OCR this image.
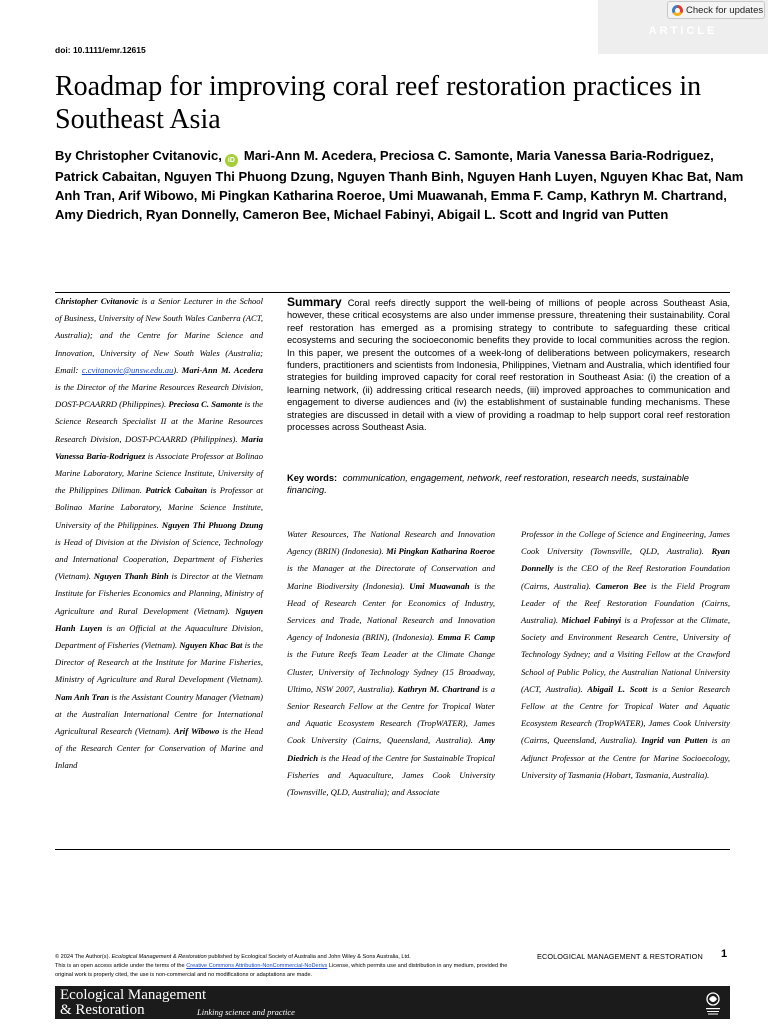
ARTICLE
Check for updates
doi: 10.1111/emr.12615
Roadmap for improving coral reef restoration practices in Southeast Asia
By Christopher Cvitanovic, iD Mari-Ann M. Acedera, Preciosa C. Samonte, Maria Vanessa Baria-Rodriguez, Patrick Cabaitan, Nguyen Thi Phuong Dzung, Nguyen Thanh Binh, Nguyen Hanh Luyen, Nguyen Khac Bat, Nam Anh Tran, Arif Wibowo, Mi Pingkan Katharina Roeroe, Umi Muawanah, Emma F. Camp, Kathryn M. Chartrand, Amy Diedrich, Ryan Donnelly, Cameron Bee, Michael Fabinyi, Abigail L. Scott and Ingrid van Putten
Christopher Cvitanovic is a Senior Lecturer in the School of Business, University of New South Wales Canberra (ACT, Australia); and the Centre for Marine Science and Innovation, University of New South Wales (Australia; Email: c.cvitanovic@unsw.edu.au). Mari-Ann M. Acedera is the Director of the Marine Resources Research Division, DOST-PCAARRD (Philippines). Preciosa C. Samonte is the Science Research Specialist II at the Marine Resources Research Division, DOST-PCAARRD (Philippines). Maria Vanessa Baria-Rodriguez is Associate Professor at Bolinao Marine Laboratory, Marine Science Institute, University of the Philippines Diliman. Patrick Cabaitan is Professor at Bolinao Marine Laboratory, Marine Science Institute, University of the Philippines. Nguyen Thi Phuong Dzung is Head of Division at the Division of Science, Technology and International Cooperation, Department of Fisheries (Vietnam). Nguyen Thanh Binh is Director at the Vietnam Institute for Fisheries Economics and Planning, Ministry of Agriculture and Rural Development (Vietnam). Nguyen Hanh Luyen is an Official at the Aquaculture Division, Department of Fisheries (Vietnam). Nguyen Khac Bat is the Director of Research at the Institute for Marine Fisheries, Ministry of Agriculture and Rural Development (Vietnam). Nam Anh Tran is the Assistant Country Manager (Vietnam) at the Australian International Centre for International Agricultural Research (Vietnam). Arif Wibowo is the Head of the Research Center for Conservation of Marine and Inland
Summary Coral reefs directly support the well-being of millions of people across Southeast Asia, however, these critical ecosystems are also under immense pressure, threatening their sustainability. Coral reef restoration has emerged as a promising strategy to contribute to safeguarding these critical ecosystems and securing the socioeconomic benefits they provide to local communities across the region. In this paper, we present the outcomes of a week-long of deliberations between policymakers, research funders, practitioners and scientists from Indonesia, Philippines, Vietnam and Australia, which identified four strategies for building improved capacity for coral reef restoration in Southeast Asia: (i) the creation of a learning network, (ii) addressing critical research needs, (iii) improved approaches to communication and engagement to diverse audiences and (iv) the establishment of sustainable funding mechanisms. These strategies are discussed in detail with a view of providing a roadmap to help support coral reef restoration processes across Southeast Asia.
Key words: communication, engagement, network, reef restoration, research needs, sustainable financing.
Water Resources, The National Research and Innovation Agency (BRIN) (Indonesia). Mi Pingkan Katharina Roeroe is the Manager at the Directorate of Conservation and Marine Biodiversity (Indonesia). Umi Muawanah is the Head of Research Center for Economics of Industry, Services and Trade, National Research and Innovation Agency of Indonesia (BRIN), (Indonesia). Emma F. Camp is the Future Reefs Team Leader at the Climate Change Cluster, University of Technology Sydney (15 Broadway, Ultimo, NSW 2007, Australia). Kathryn M. Chartrand is a Senior Research Fellow at the Centre for Tropical Water and Aquatic Ecosystem Research (TropWATER), James Cook University (Cairns, Queensland, Australia). Amy Diedrich is the Head of the Centre for Sustainable Tropical Fisheries and Aquaculture, James Cook University (Townsville, QLD, Australia); and Associate
Professor in the College of Science and Engineering, James Cook University (Townsville, QLD, Australia). Ryan Donnelly is the CEO of the Reef Restoration Foundation (Cairns, Australia). Cameron Bee is the Field Program Leader of the Reef Restoration Foundation (Cairns, Australia). Michael Fabinyi is a Professor at the Climate, Society and Environment Research Centre, University of Technology Sydney; and a Visiting Fellow at the Crawford School of Public Policy, the Australian National University (ACT, Australia). Abigail L. Scott is a Senior Research Fellow at the Centre for Tropical Water and Aquatic Ecosystem Research (TropWATER), James Cook University (Cairns, Queensland, Australia). Ingrid van Putten is an Adjunct Professor at the Centre for Marine Socioecology, University of Tasmania (Hobart, Tasmania, Australia).
© 2024 The Author(s). Ecological Management & Restoration published by Ecological Society of Australia and John Wiley & Sons Australia, Ltd.
This is an open access article under the terms of the Creative Commons Attribution-NonCommercial-NoDerivs License, which permits use and distribution in any medium, provided the original work is properly cited, the use is non-commercial and no modifications or adaptations are made.
ECOLOGICAL MANAGEMENT & RESTORATION 1
Ecological Management
& Restoration	Linking science and practice
